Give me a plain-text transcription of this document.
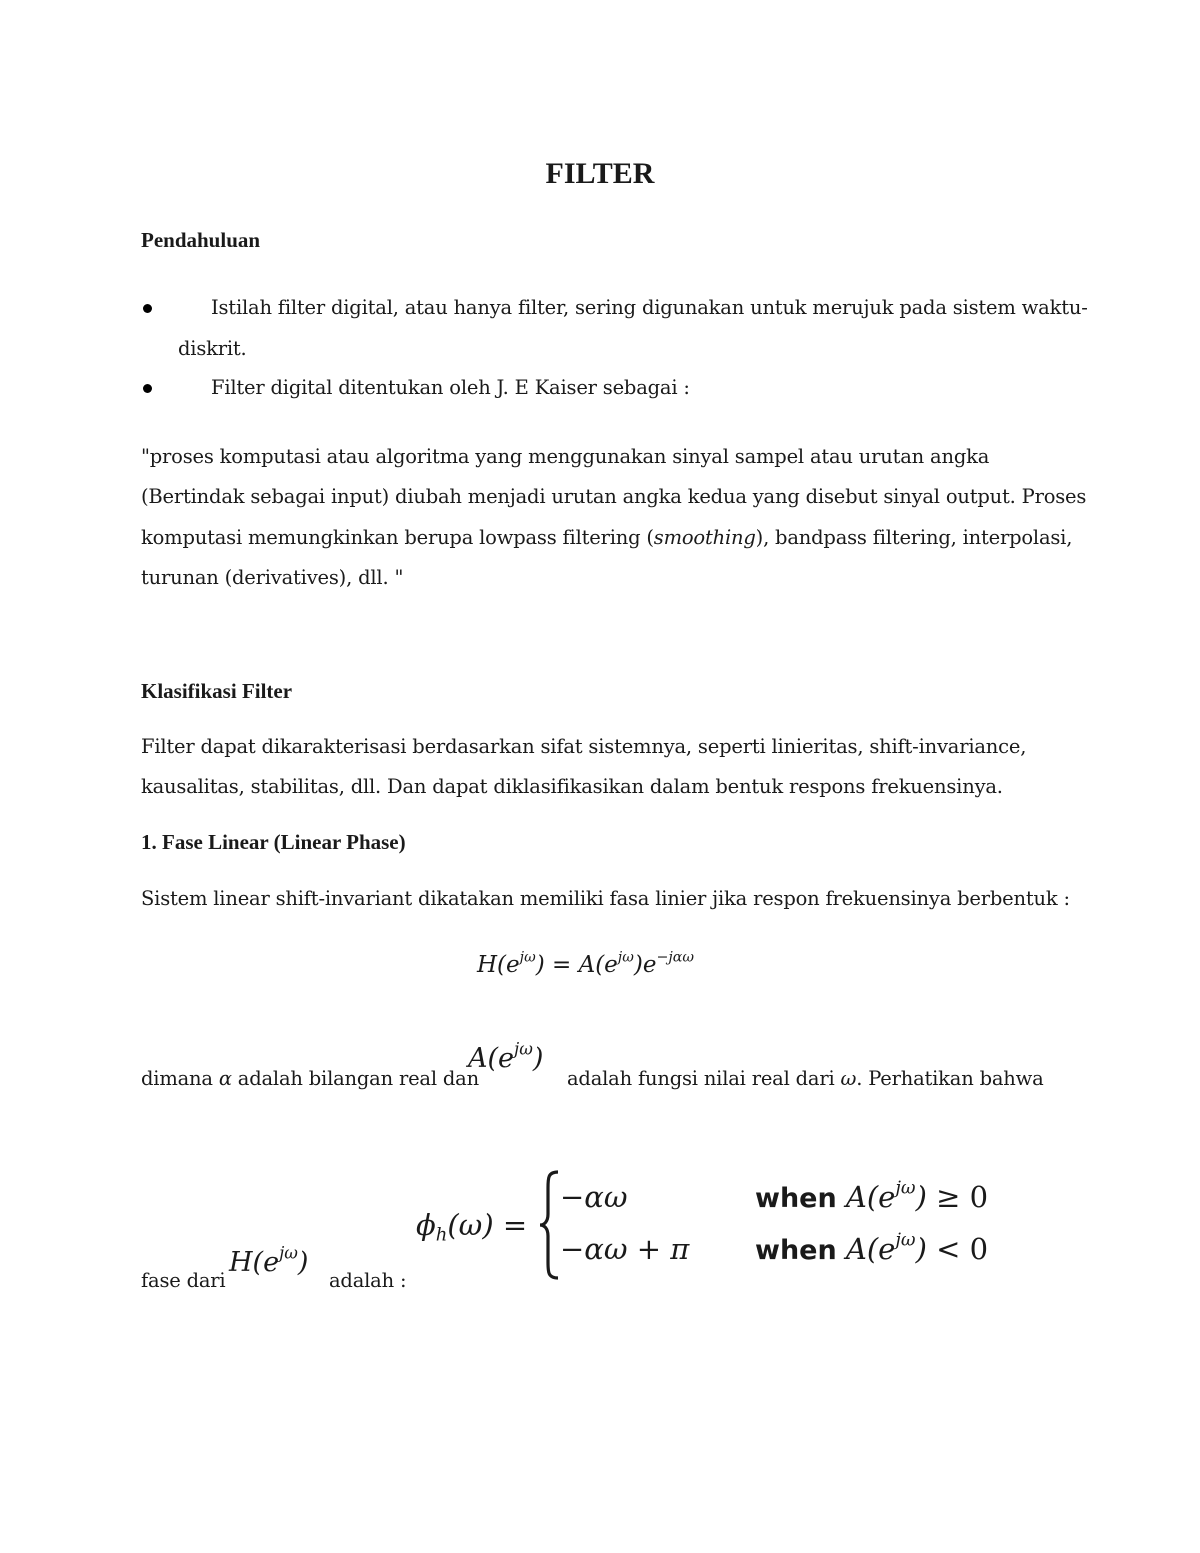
FILTER
Pendahuluan
Istilah filter digital, atau hanya filter, sering digunakan untuk merujuk pada sistem waktu-
diskrit.
Filter digital ditentukan oleh J. E Kaiser sebagai :
"proses komputasi atau algoritma yang menggunakan sinyal sampel atau urutan angka
(Bertindak sebagai input) diubah menjadi urutan angka kedua yang disebut sinyal output. Proses
komputasi memungkinkan berupa lowpass filtering (smoothing), bandpass filtering, interpolasi,
turunan (derivatives), dll. "
Klasifikasi Filter
Filter dapat dikarakterisasi berdasarkan sifat sistemnya, seperti linieritas, shift-invariance,
kausalitas, stabilitas, dll. Dan dapat diklasifikasikan dalam bentuk respons frekuensinya.
1. Fase Linear (Linear Phase)
Sistem linear shift-invariant dikatakan memiliki fasa linier jika respon frekuensinya berbentuk :
$H(e^{j\omega}) = A(e^{j\omega})e^{-j\alpha\omega}$
dimana α adalah bilangan real dan
$A(e^{j\omega})$
adalah fungsi nilai real dari ω. Perhatikan bahwa
fase dari
$H(e^{j\omega})$
adalah :
$\phi_h(\omega)$ =
−αω	when $A(e^{j\omega}) \ge 0$
−αω + π when $A(e^{j\omega}) < 0$
